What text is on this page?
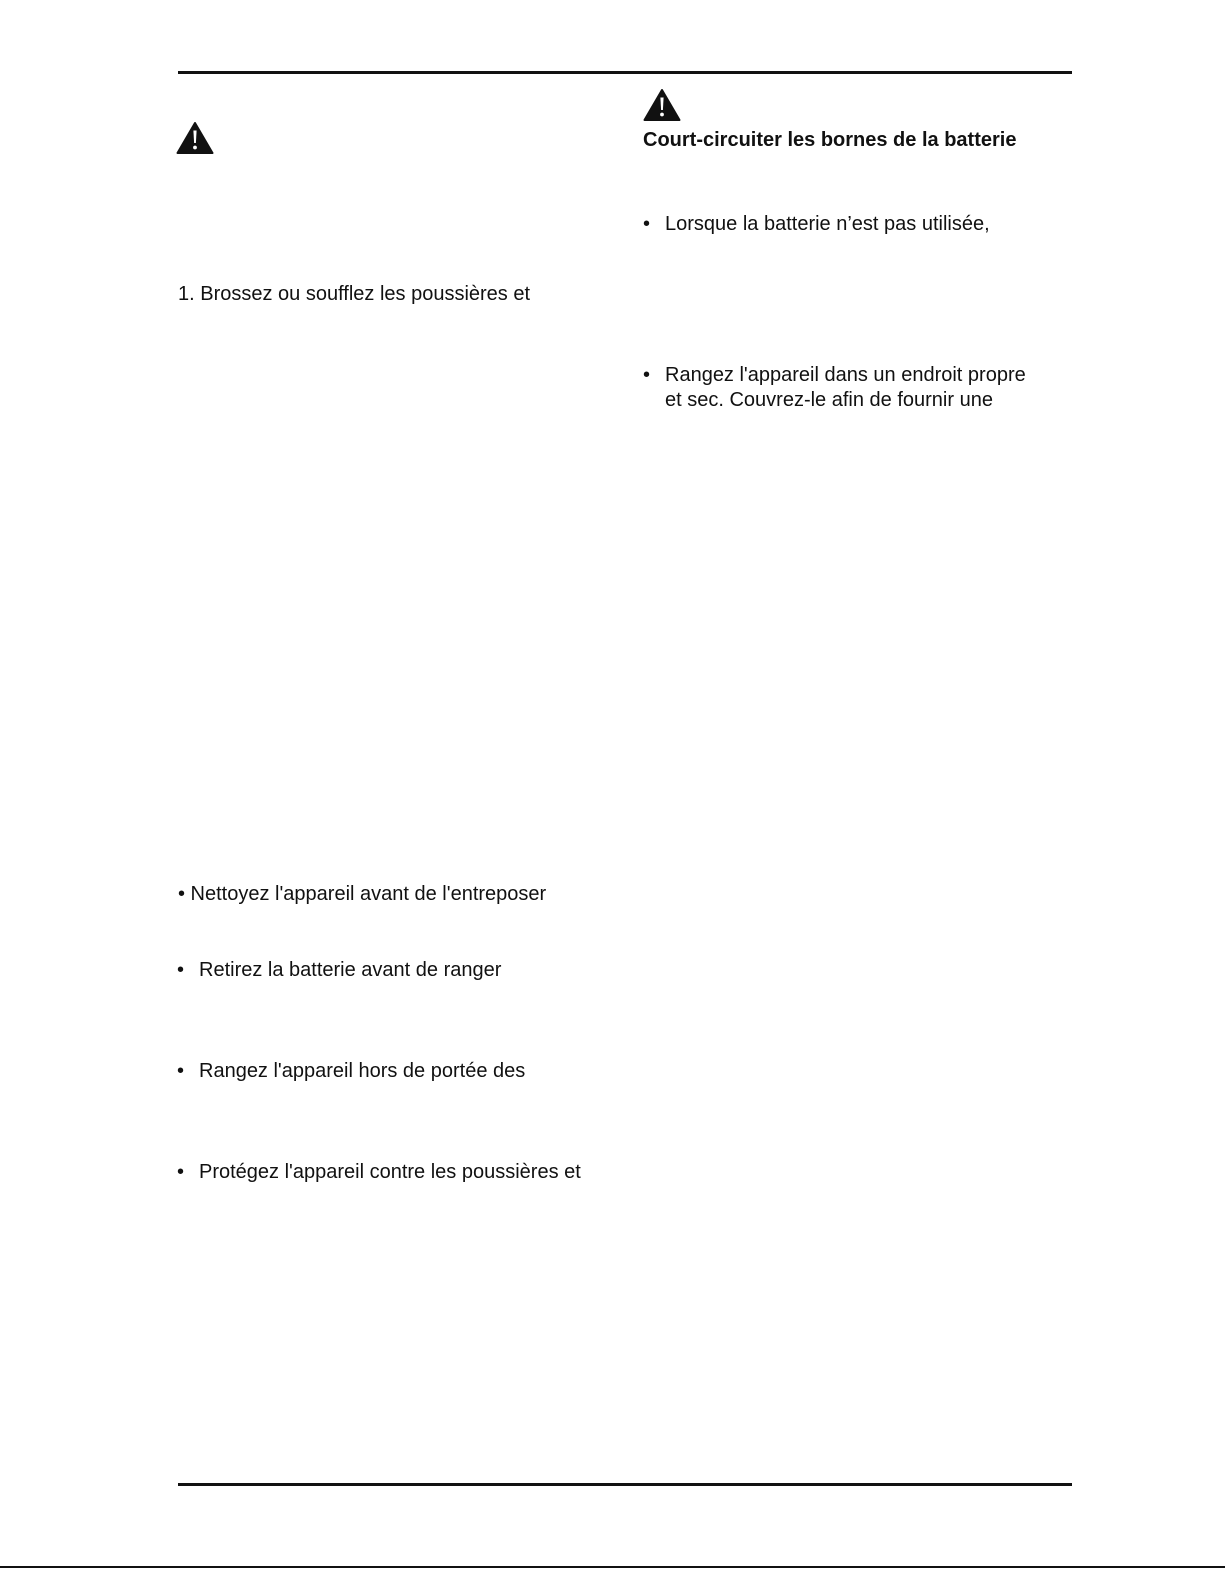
Court-circuiter les bornes de la batterie
• Lorsque la batterie n’est pas utilisée,
• Rangez l'appareil dans un endroit propre
et sec. Couvrez-le afin de fournir une
1. Brossez ou soufflez les poussières et
• Nettoyez l'appareil avant de l'entreposer
• Retirez la batterie avant de ranger
• Rangez l'appareil hors de portée des
• Protégez l'appareil contre les poussières et
